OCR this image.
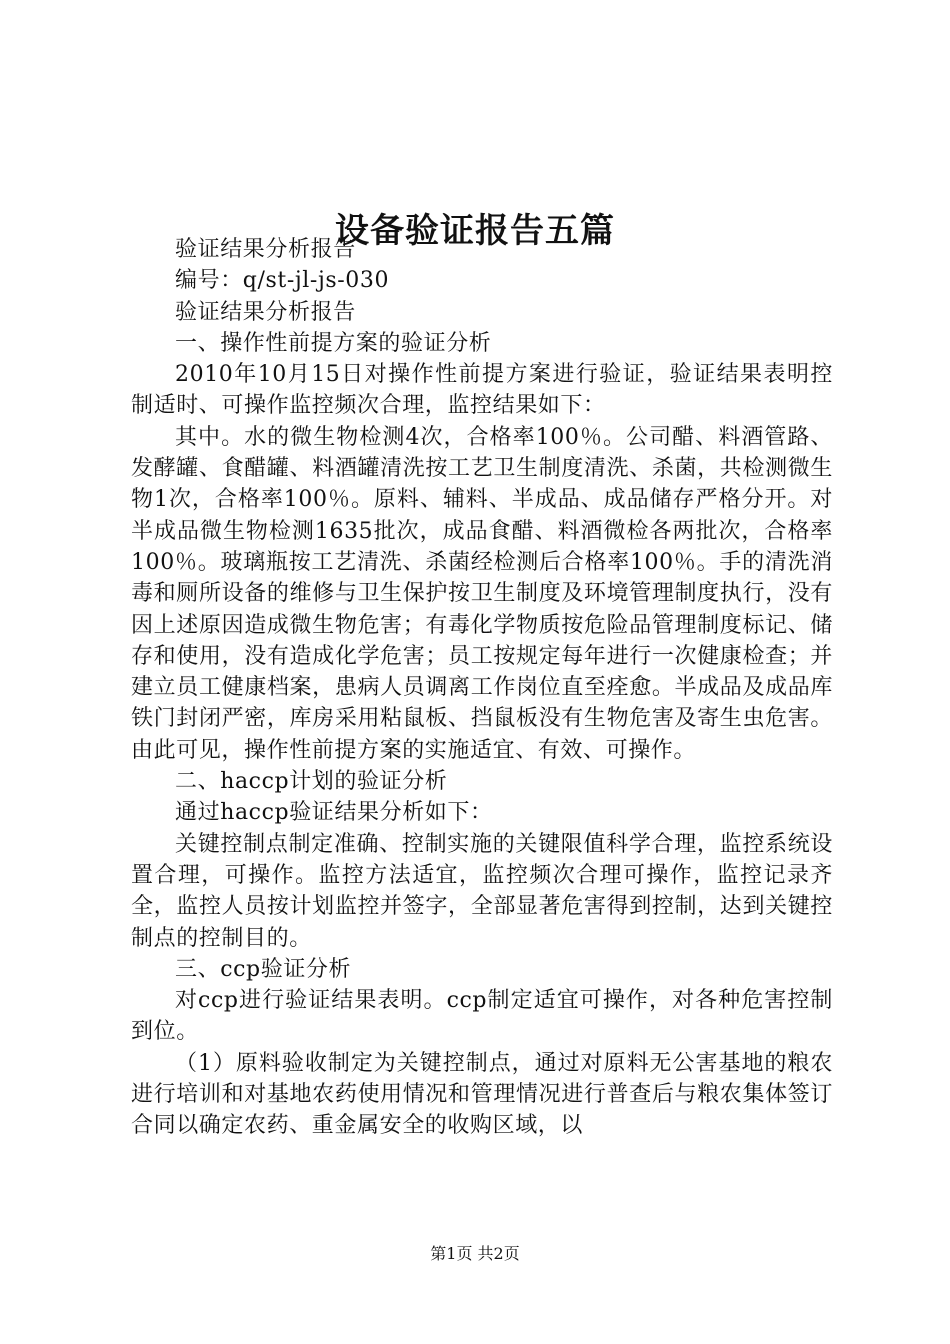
设备验证报告五篇

验证结果分析报告

编号：q/st-jl-js-030

验证结果分析报告

一、操作性前提方案的验证分析

2010年10月15日对操作性前提方案进行验证，验证结果表明控制适时、可操作监控频次合理，监控结果如下：

其中。水的微生物检测4次，合格率100％。公司醋、料酒管路、发酵罐、食醋罐、料酒罐清洗按工艺卫生制度清洗、杀菌，共检测微生物1次，合格率100％。原料、辅料、半成品、成品储存严格分开。对半成品微生物检测1635批次，成品食醋、料酒微检各两批次，合格率100％。玻璃瓶按工艺清洗、杀菌经检测后合格率100％。手的清洗消毒和厕所设备的维修与卫生保护按卫生制度及环境管理制度执行，没有因上述原因造成微生物危害；有毒化学物质按危险品管理制度标记、储存和使用，没有造成化学危害；员工按规定每年进行一次健康检查；并建立员工健康档案，患病人员调离工作岗位直至痊愈。半成品及成品库铁门封闭严密，库房采用粘鼠板、挡鼠板没有生物危害及寄生虫危害。由此可见，操作性前提方案的实施适宜、有效、可操作。

二、haccp计划的验证分析

通过haccp验证结果分析如下：

关键控制点制定准确、控制实施的关键限值科学合理，监控系统设置合理，可操作。监控方法适宜，监控频次合理可操作，监控记录齐全，监控人员按计划监控并签字，全部显著危害得到控制，达到关键控制点的控制目的。

三、ccp验证分析

对ccp进行验证结果表明。ccp制定适宜可操作，对各种危害控制到位。

（1）原料验收制定为关键控制点，通过对原料无公害基地的粮农进行培训和对基地农药使用情况和管理情况进行普查后与粮农集体签订合同以确定农药、重金属安全的收购区域，以

第1页 共2页
